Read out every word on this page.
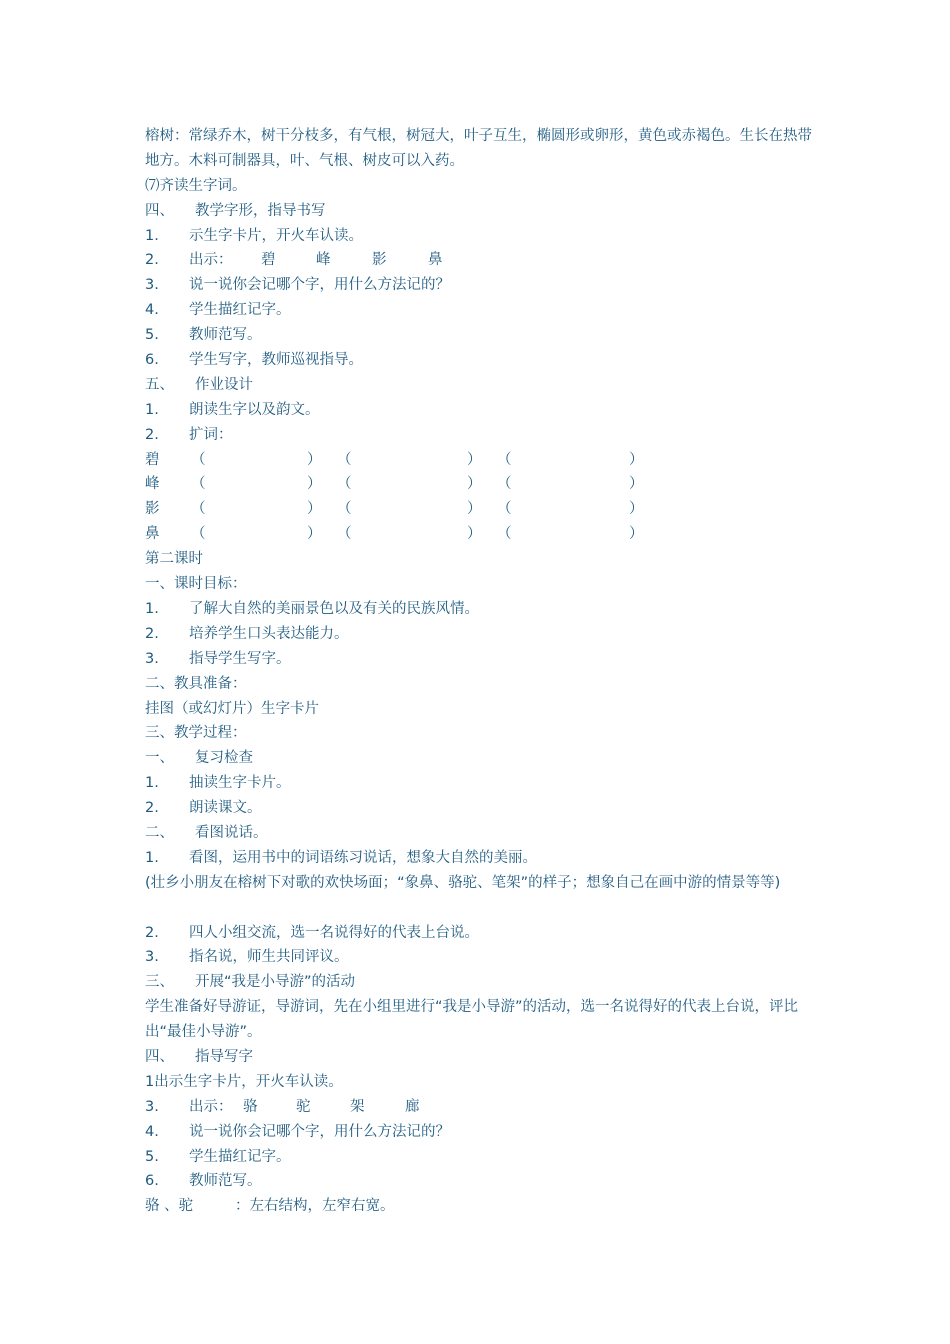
榕树：常绿乔木，树干分枝多，有气根，树冠大，叶子互生，椭圆形或卵形，黄色或赤褐色。生长在热带地方。木料可制器具，叶、气根、树皮可以入药。
⑺齐读生字词。
四、 教学字形，指导书写
1. 示生字卡片，开火车认读。
2. 出示： 碧	峰	影	鼻
3. 说一说你会记哪个字，用什么方法记的？
4. 学生描红记字。
5. 教师范写。
6. 学生写字，教师巡视指导。
五、 作业设计
1. 朗读生字以及韵文。
2. 扩词：
碧 （	） （	） （	）
峰 （	） （	） （	）
影 （	） （	） （	）
鼻 （	） （	） （	）
第二课时
一、课时目标：
1. 了解大自然的美丽景色以及有关的民族风情。
2. 培养学生口头表达能力。
3. 指导学生写字。
二、教具准备：
挂图（或幻灯片）生字卡片
三、教学过程：
一、 复习检查
1. 抽读生字卡片。
2. 朗读课文。
二、 看图说话。
1. 看图，运用书中的词语练习说话，想象大自然的美丽。
(壮乡小朋友在榕树下对歌的欢快场面；“象鼻、骆驼、笔架”的样子；想象自己在画中游的情景等等)
2. 四人小组交流，选一名说得好的代表上台说。
3. 指名说，师生共同评议。
三、 开展“我是小导游”的活动
学生准备好导游证，导游词，先在小组里进行“我是小导游”的活动，选一名说得好的代表上台说，评比出“最佳小导游”。
四、 指导写字
1出示生字卡片，开火车认读。
3. 出示： 骆	驼	架	廊
4. 说一说你会记哪个字，用什么方法记的？
5. 学生描红记字。
6. 教师范写。
骆 、驼	：左右结构，左窄右宽。
